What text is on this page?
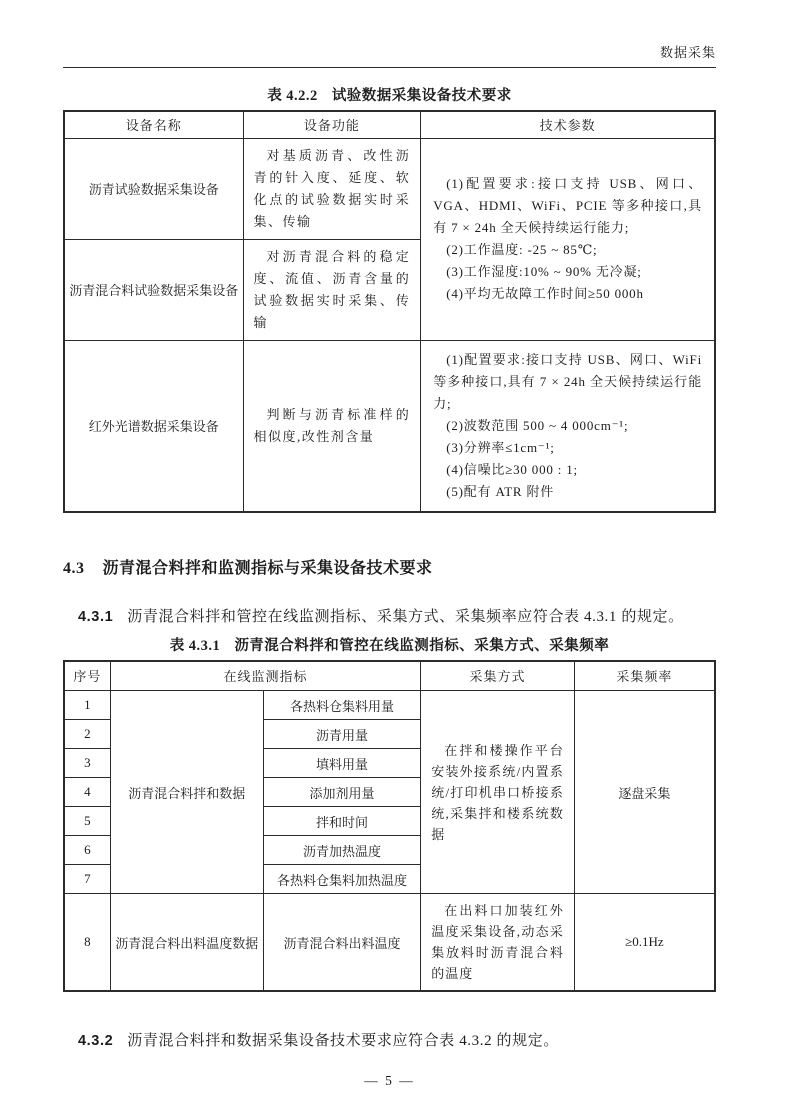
数据采集
表 4.2.2 试验数据采集设备技术要求
设备名称	设备功能	技术参数
沥青试验数据采集设备	对基质沥青、改性沥青的针入度、延度、软化点的试验数据实时采集、传输	(1)配置要求:接口支持 USB、网口、VGA、HDMI、WiFi、PCIE 等多种接口,具有 7 × 24h 全天候持续运行能力;
(2)工作温度: -25 ~ 85℃;
(3)工作湿度:10% ~ 90% 无冷凝;
(4)平均无故障工作时间≥50 000h

沥青混合料试验数据采集设备	对沥青混合料的稳定度、流值、沥青含量的试验数据实时采集、传输	
红外光谱数据采集设备	判断与沥青标准样的相似度,改性剂含量	(1)配置要求:接口支持 USB、网口、WiFi 等多种接口,具有 7 × 24h 全天候持续运行能力;
(2)波数范围 500 ~ 4 000cm⁻¹;
(3)分辨率≤1cm⁻¹;
(4)信噪比≥30 000 : 1;
(5)配有 ATR 附件
4.3 沥青混合料拌和监测指标与采集设备技术要求

4.3.1 沥青混合料拌和管控在线监测指标、采集方式、采集频率应符合表 4.3.1 的规定。

表 4.3.1 沥青混合料拌和管控在线监测指标、采集方式、采集频率
序号	在线监测指标		采集方式	采集频率
1	沥青混合料拌和数据	各热料仓集料用量	在拌和楼操作平台安装外接系统/内置系统/打印机串口桥接系统,采集拌和楼系统数据	逐盘采集
2		沥青用量		
3		填料用量		
4		添加剂用量		
5		拌和时间		
6		沥青加热温度		
7		各热料仓集料加热温度		
8	沥青混合料出料温度数据	沥青混合料出料温度	在出料口加装红外温度采集设备,动态采集放料时沥青混合料的温度	≥0.1Hz

4.3.2 沥青混合料拌和数据采集设备技术要求应符合表 4.3.2 的规定。

— 5 —
